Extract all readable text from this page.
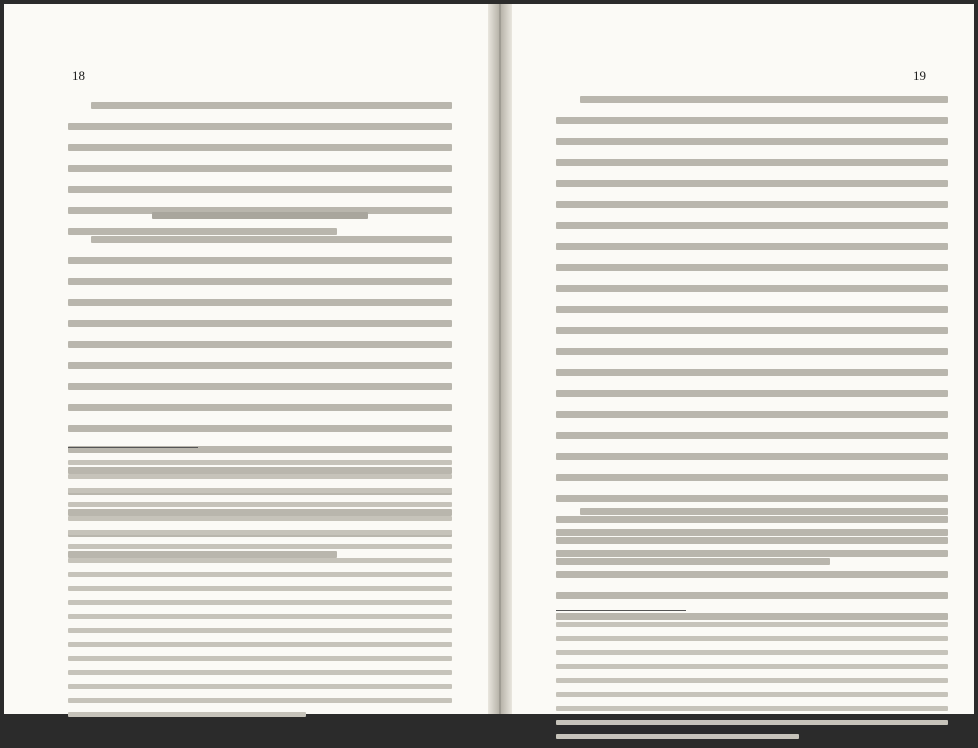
18	19
